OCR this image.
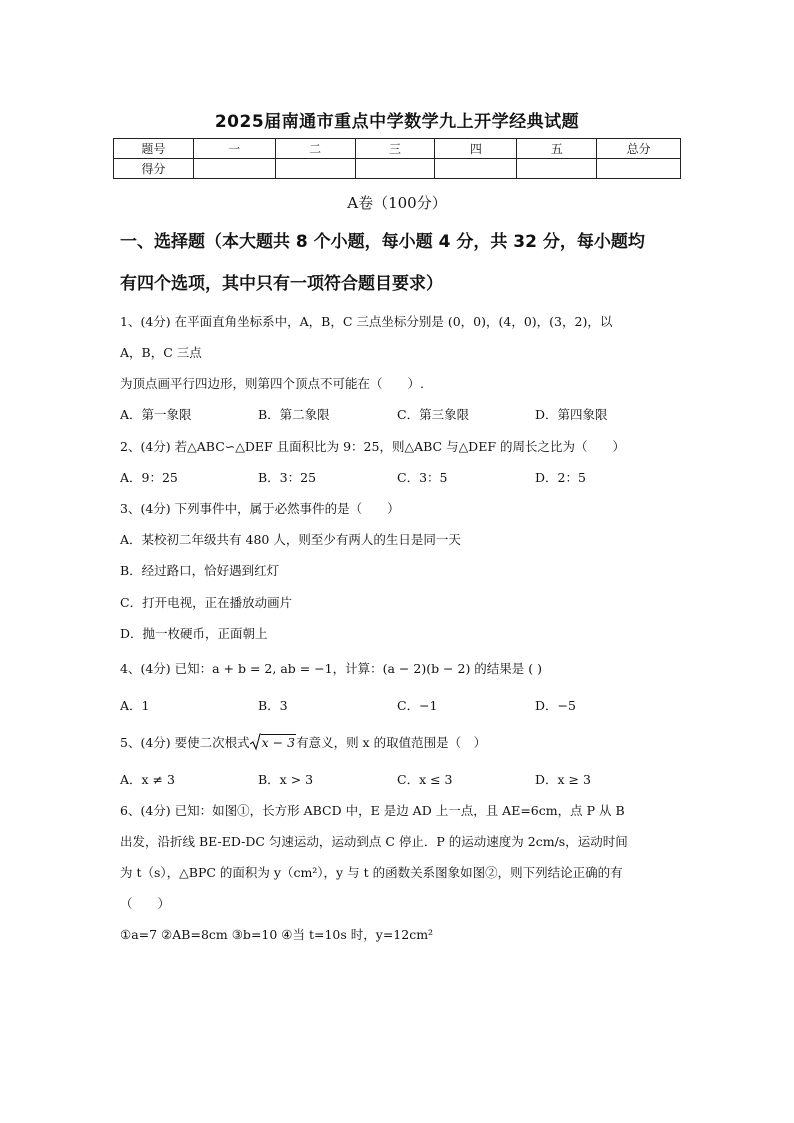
2025届南通市重点中学数学九上开学经典试题
题号	一	二	三	四	五	总分
得分						
A卷（100分）
一、选择题（本大题共 8 个小题，每小题 4 分，共 32 分，每小题均
有四个选项，其中只有一项符合题目要求）
1、(4分) 在平面直角坐标系中，A，B，C 三点坐标分别是 (0，0)，(4，0)，(3，2)，以
A，B，C 三点
为顶点画平行四边形，则第四个顶点不可能在（　　）.
A．第一象限	B．第二象限	C．第三象限	D．第四象限
2、(4分) 若△ABC∽△DEF 且面积比为 9：25，则△ABC 与△DEF 的周长之比为（　　）
A．9：25	B．3：25	C．3：5	D．2：5
3、(4分) 下列事件中，属于必然事件的是（　　）
A．某校初二年级共有 480 人，则至少有两人的生日是同一天
B．经过路口，恰好遇到红灯
C．打开电视，正在播放动画片
D．抛一枚硬币，正面朝上
4、(4分) 已知：a + b = 2, ab = −1，计算：(a − 2)(b − 2) 的结果是 ( )
A．1	B．3	C．−1	D．−5
5、(4分) 要使二次根式 x − 3有意义，则 x 的取值范围是（　）
A．x ≠ 3	B．x > 3	C．x ≤ 3	D．x ≥ 3
6、(4分) 已知：如图①，长方形 ABCD 中，E 是边 AD 上一点，且 AE=6cm，点 P 从 B
出发，沿折线 BE-ED-DC 匀速运动，运动到点 C 停止．P 的运动速度为 2cm/s，运动时间
为 t（s），△BPC 的面积为 y（cm²），y 与 t 的函数关系图象如图②，则下列结论正确的有
（　　）
①a=7 ②AB=8cm ③b=10 ④当 t=10s 时，y=12cm²
